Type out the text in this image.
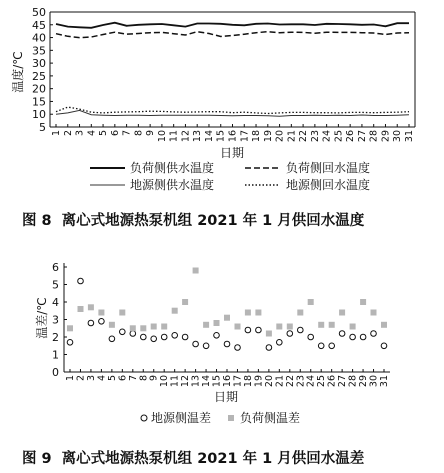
5
10
15
20
25
30
35
40
45
50
1 2 3 4 5 6 7 8 9 10 11 12 13 14 15 16 17 18 19 20 21 22 23 24 25 26 27 28 29 30 31
温度/℃
日期
负荷侧供水温度	负荷侧回水温度
地源侧供水温度	地源侧回水温度
图 8 离心式地源热泵机组 2021 年 1 月供回水温度
0
1
2
3
4
5
6
1 2 3 4 5 6 7 8 9 10 11 12 13 14 15 16 17 18 19 20 21 22 23 24 25 26 27 28 29 30 31
温差/℃
日期
地源侧温差 负荷侧温差
图 9 离心式地源热泵机组 2021 年 1 月供回水温差
